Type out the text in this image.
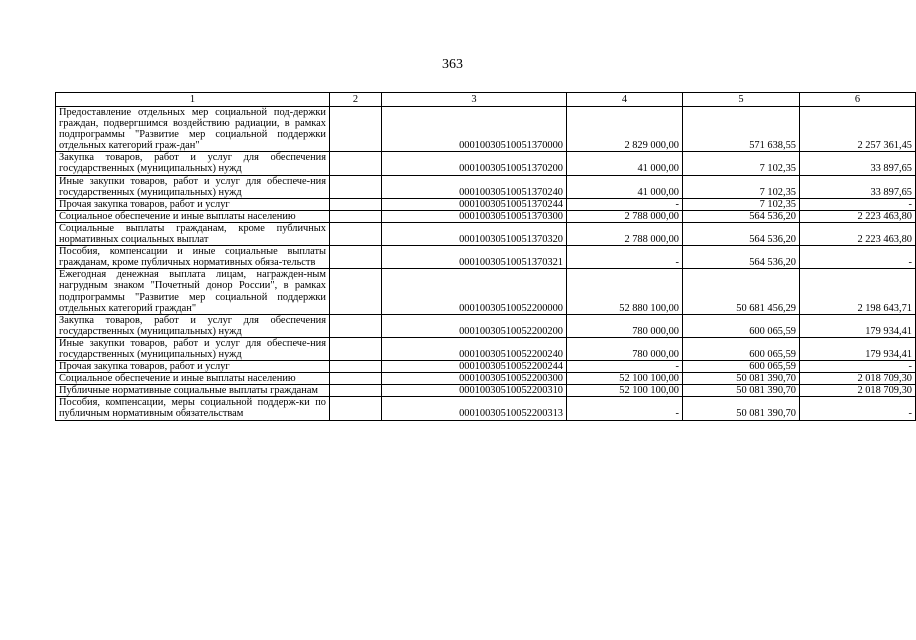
363
1	2	3	4	5	6
Предоставление отдельных мер социальной под-держки граждан, подвергшимся воздействию радиации, в рамках подпрограммы "Развитие мер социальной поддержки отдельных категорий граж-дан"		00010030510051370000	2 829 000,00	571 638,55	2 257 361,45
Закупка товаров, работ и услуг для обеспечения государственных (муниципальных) нужд		00010030510051370200	41 000,00	7 102,35	33 897,65
Иные закупки товаров, работ и услуг для обеспече-ния государственных (муниципальных) нужд		00010030510051370240	41 000,00	7 102,35	33 897,65
Прочая закупка товаров, работ и услуг		00010030510051370244	-	7 102,35	-
Социальное обеспечение и иные выплаты населению		00010030510051370300	2 788 000,00	564 536,20	2 223 463,80
Социальные выплаты гражданам, кроме публичных нормативных социальных выплат		00010030510051370320	2 788 000,00	564 536,20	2 223 463,80
Пособия, компенсации и иные социальные выплаты гражданам, кроме публичных нормативных обяза-тельств		00010030510051370321	-	564 536,20	-
Ежегодная денежная выплата лицам, награжден-ным нагрудным знаком "Почетный донор России", в рамках подпрограммы "Развитие мер социальной поддержки отдельных категорий граждан"		00010030510052200000	52 880 100,00	50 681 456,29	2 198 643,71
Закупка товаров, работ и услуг для обеспечения государственных (муниципальных) нужд		00010030510052200200	780 000,00	600 065,59	179 934,41
Иные закупки товаров, работ и услуг для обеспече-ния государственных (муниципальных) нужд		00010030510052200240	780 000,00	600 065,59	179 934,41
Прочая закупка товаров, работ и услуг		00010030510052200244	-	600 065,59	-
Социальное обеспечение и иные выплаты населению		00010030510052200300	52 100 100,00	50 081 390,70	2 018 709,30
Публичные нормативные социальные выплаты гражданам		00010030510052200310	52 100 100,00	50 081 390,70	2 018 709,30
Пособия, компенсации, меры социальной поддерж-ки по публичным нормативным обязательствам		00010030510052200313	-	50 081 390,70	-
